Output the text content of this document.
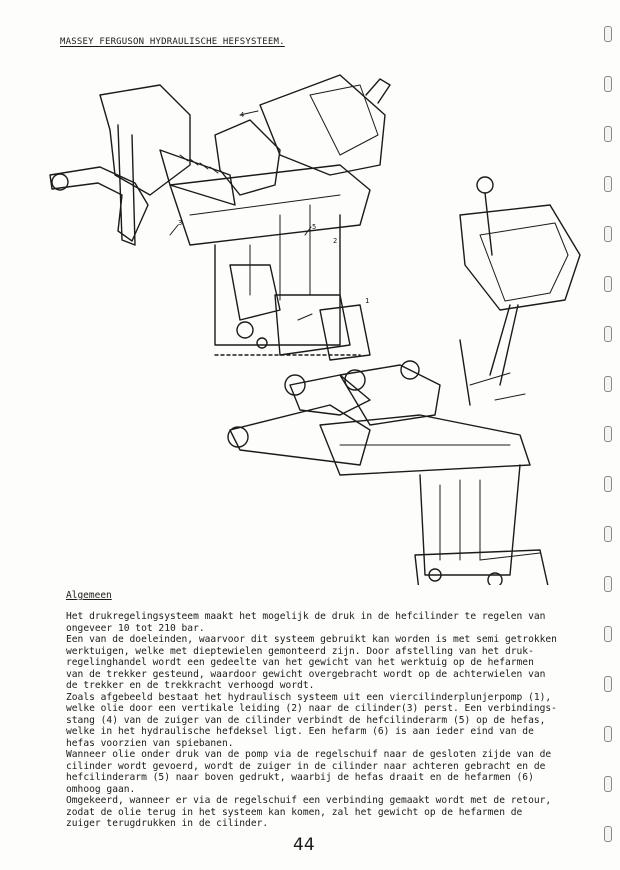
MASSEY FERGUSON HYDRAULISCHE HEFSYSTEEM.
4
3	5
2
1
Algemeen

Het drukregelingsysteem maakt het mogelijk de druk in de hefcilinder te regelen van
ongeveer 10 tot 210 bar.

Een van de doeleinden, waarvoor dit systeem gebruikt kan worden is met semi getrokken
werktuigen, welke met dieptewielen gemonteerd zijn. Door afstelling van het druk-
regelinghandel wordt een gedeelte van het gewicht van het werktuig op de hefarmen
van de trekker gesteund, waardoor gewicht overgebracht wordt op de achterwielen van
de trekker en de trekkracht verhoogd wordt.

Zoals afgebeeld bestaat het hydraulisch systeem uit een viercilinderplunjerpomp (1),
welke olie door een vertikale leiding (2) naar de cilinder(3) perst. Een verbindings-
stang (4) van de zuiger van de cilinder verbindt de hefcilinderarm (5) op de hefas,
welke in het hydraulische hefdeksel ligt. Een hefarm (6) is aan ieder eind van de
hefas voorzien van spiebanen.

Wanneer olie onder druk van de pomp via de regelschuif naar de gesloten zijde van de
cilinder wordt gevoerd, wordt de zuiger in de cilinder naar achteren gebracht en de
hefcilinderarm (5) naar boven gedrukt, waarbij de hefas draait en de hefarmen (6)
omhoog gaan.

Omgekeerd, wanneer er via de regelschuif een verbinding gemaakt wordt met de retour,
zodat de olie terug in het systeem kan komen, zal het gewicht op de hefarmen de
zuiger terugdrukken in de cilinder.

44
